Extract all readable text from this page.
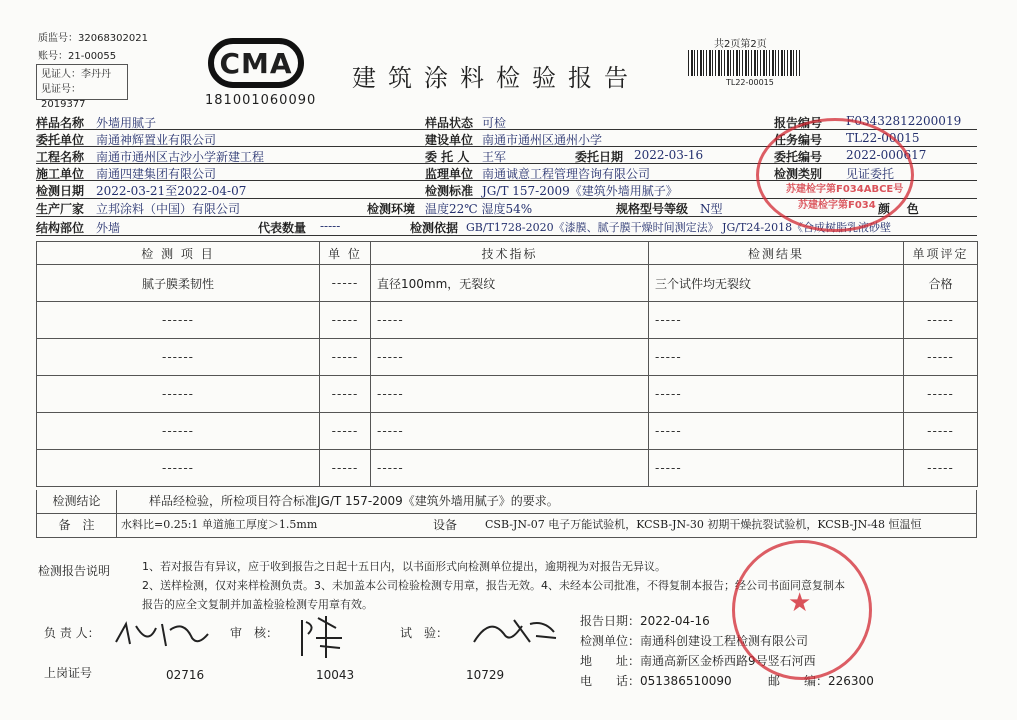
质监号：32068302021
账号：21-00055
见证人：李丹丹
见证号：2019377
CMA
181001060090
建筑涂料检验报告
共2页第2页
TL22-00015
样品名称 外墙用腻子	样品状态 可检	报告编号 F03432812200019
委托单位 南通神辉置业有限公司	建设单位 南通市通州区通州小学	任务编号 TL22-00015
工程名称 南通市通州区古沙小学新建工程	委 托 人 王军	委托日期 2022-03-16	委托编号 2022-000617
施工单位 南通四建集团有限公司	监理单位 南通诚意工程管理咨询有限公司	检测类别 见证委托
检测日期 2022-03-21至2022-04-07	检测标准 JG/T 157-2009《建筑外墙用腻子》
生产厂家 立邦涂料（中国）有限公司	检测环境 温度22℃ 湿度54%	规格型号等级 N型	颜 色
结构部位 外墙	代表数量 -----	检测依据 GB/T1728-2020《漆膜、腻子膜干燥时间测定法》 JG/T24-2018《合成树脂乳液砂壁
检 测 项 目	单 位	技术指标	检测结果	单项评定
腻子膜柔韧性	-----	直径100mm，无裂纹	三个试件均无裂纹	合格
------	-----	-----	-----	-----
------	-----	-----	-----	-----
------	-----	-----	-----	-----
------	-----	-----	-----	-----
------	-----	-----	-----	-----
检测结论	样品经检验，所检项目符合标准JG/T 157-2009《建筑外墙用腻子》的要求。
备　注	水料比=0.25:1 单道施工厚度＞1.5mm	设备	CSB-JN-07 电子万能试验机，KCSB-JN-30 初期干燥抗裂试验机，KCSB-JN-48 恒温恒
检测报告说明	1、若对报告有异议，应于收到报告之日起十五日内，以书面形式向检测单位提出，逾期视为对报告无异议。
2、送样检测，仅对来样检测负责。3、未加盖本公司检验检测专用章，报告无效。4、未经本公司批准，不得复制本报告；经公司书面同意复制本
报告的应全文复制并加盖检验检测专用章有效。
负 责 人：	审　核：	试　验：
上岗证号	02716	10043	10729
报告日期：2022-04-16
检测单位：南通科创建设工程检测有限公司
地　　址：南通高新区金桥西路9号竖石河西
电　　话：051386510090	邮　　编：226300
苏建检字第F034ABCE号
苏建检字第F034
★
